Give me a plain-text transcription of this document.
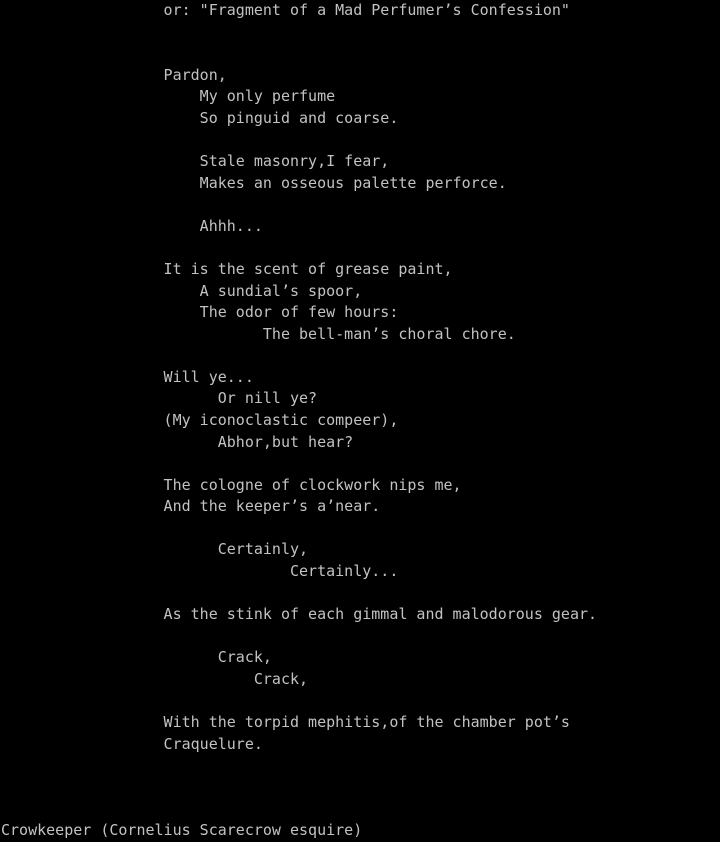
or: "Fragment of a Mad Perfumer’s Confession"
Pardon,
My only perfume
So pinguid and coarse.
Stale masonry,I fear,
Makes an osseous palette perforce.
Ahhh...
It is the scent of grease paint,
A sundial’s spoor,
The odor of few hours:
The bell-man’s choral chore.
Will ye...
Or nill ye?
(My iconoclastic compeer),
Abhor,but hear?
The cologne of clockwork nips me,
And the keeper’s a’near.
Certainly,
Certainly...
As the stink of each gimmal and malodorous gear.
Crack,
Crack,
With the torpid mephitis,of the chamber pot’s
Craquelure.
Crowkeeper (Cornelius Scarecrow esquire)
